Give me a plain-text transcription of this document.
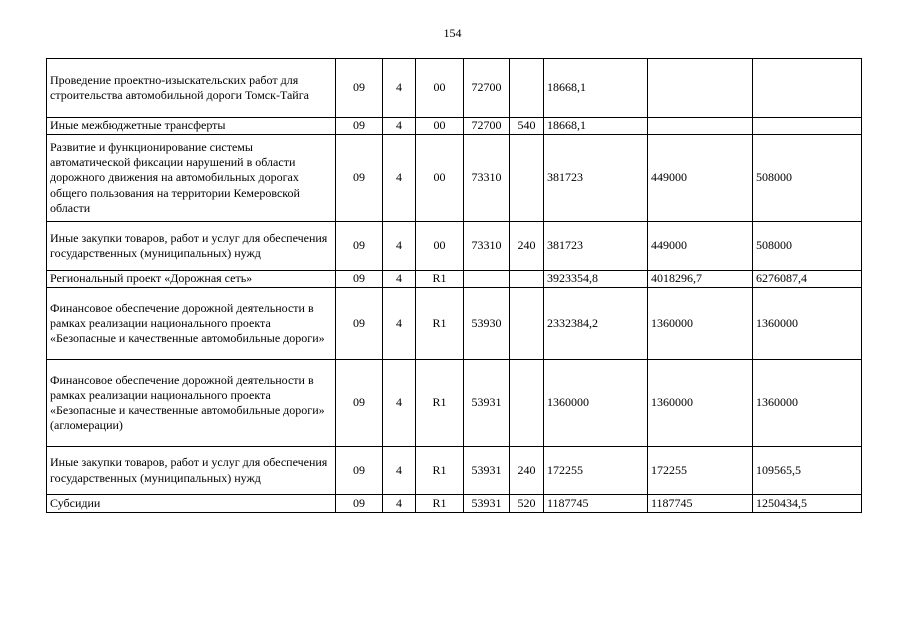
154
Проведение проектно-изыскательских работ для строительства автомобильной дороги Томск-Тайга	09	4	00	72700		18668,1		
Иные межбюджетные трансферты	09	4	00	72700	540	18668,1		
Развитие и функционирование системы автоматической фиксации нарушений в области дорожного движения на автомобильных дорогах общего пользования на территории Кемеровской области	09	4	00	73310		381723	449000	508000
Иные закупки товаров, работ и услуг для обеспечения государственных (муниципальных) нужд	09	4	00	73310	240	381723	449000	508000
Региональный проект «Дорожная сеть»	09	4	R1			3923354,8	4018296,7	6276087,4
Финансовое обеспечение дорожной деятельности в рамках реализации национального проекта «Безопасные и качественные автомобильные дороги»	09	4	R1	53930		2332384,2	1360000	1360000
Финансовое обеспечение дорожной деятельности в рамках реализации национального проекта «Безопасные и качественные автомобильные дороги» (агломерации)	09	4	R1	53931		1360000	1360000	1360000
Иные закупки товаров, работ и услуг для обеспечения государственных (муниципальных) нужд	09	4	R1	53931	240	172255	172255	109565,5
Субсидии	09	4	R1	53931	520	1187745	1187745	1250434,5
